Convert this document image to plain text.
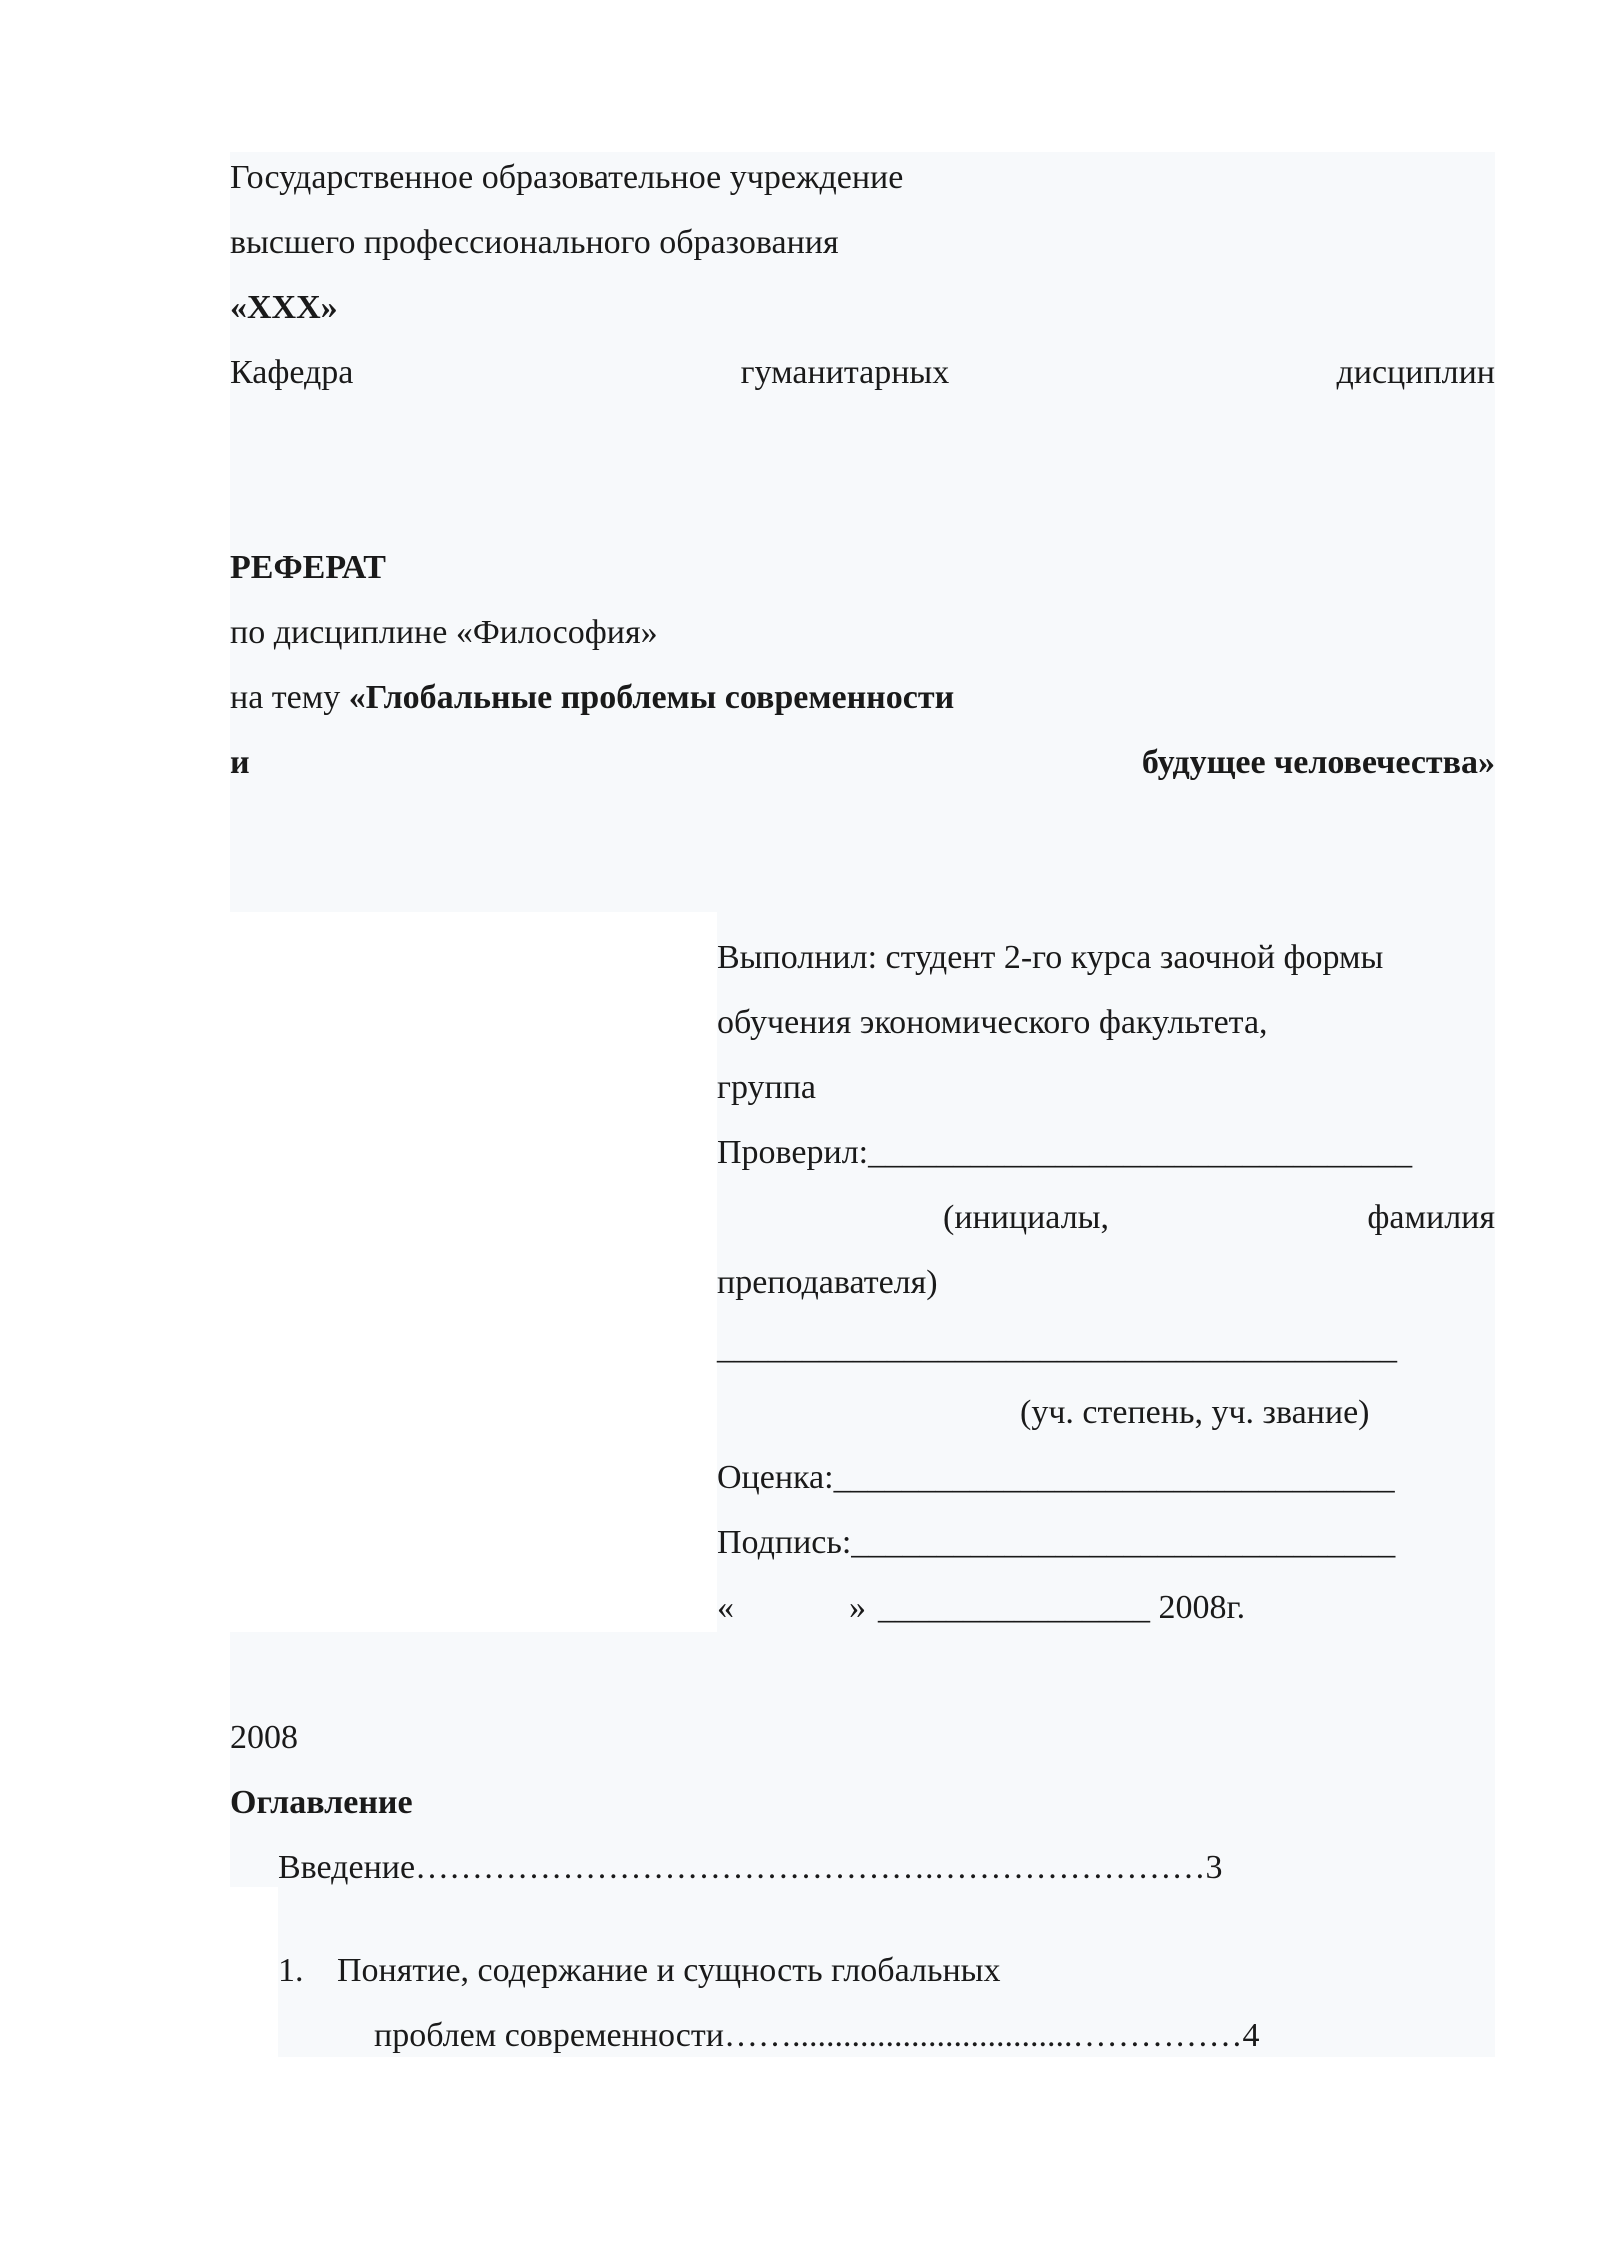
Государственное образовательное учреждение
высшего профессионального образования
«ХХХ»
Кафедра	гуманитарных	дисциплин
РЕФЕРАТ
по дисциплине «Философия»
на тему «Глобальные проблемы современности
и	будущее человечества»
Выполнил: студент 2-го курса заочной формы
обучения экономического факультета,
группа
Проверил:________________________________
(инициалы,	фамилия
преподавателя)
________________________________________
(уч. степень, уч. звание)
Оценка:_________________________________
Подпись:________________________________
«	» ________________ 2008г.
2008
Оглавление
Введение……………………………………….……………………3
1. Понятие, содержание и сущность глобальных
проблем современности…….................................……………4
